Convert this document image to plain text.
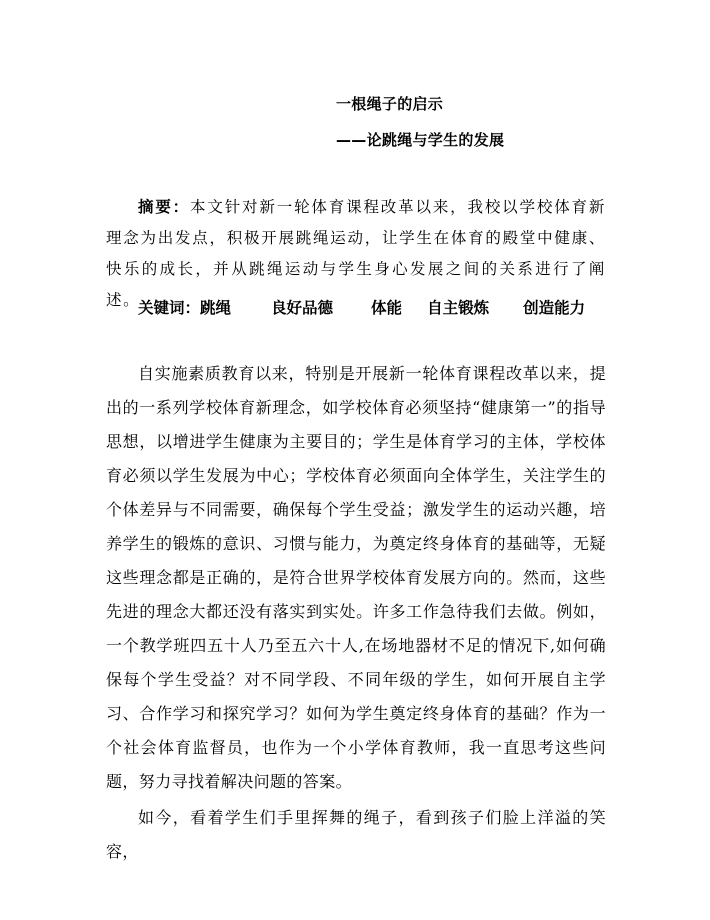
一根绳子的启示
——论跳绳与学生的发展
摘要：本文针对新一轮体育课程改革以来，我校以学校体育新理念为出发点，积极开展跳绳运动，让学生在体育的殿堂中健康、快乐的成长，并从跳绳运动与学生身心发展之间的关系进行了阐述。
关键词：跳绳	良好品德 体能 自主锻炼 创造能力

自实施素质教育以来，特别是开展新一轮体育课程改革以来，提出的一系列学校体育新理念，如学校体育必须坚持“健康第一”的指导思想，以增进学生健康为主要目的；学生是体育学习的主体，学校体育必须以学生发展为中心；学校体育必须面向全体学生，关注学生的个体差异与不同需要，确保每个学生受益；激发学生的运动兴趣，培养学生的锻炼的意识、习惯与能力，为奠定终身体育的基础等，无疑这些理念都是正确的，是符合世界学校体育发展方向的。然而，这些先进的理念大都还没有落实到实处。许多工作急待我们去做。例如，一个教学班四五十人乃至五六十人,在场地器材不足的情况下,如何确保每个学生受益？对不同学段、不同年级的学生，如何开展自主学习、合作学习和探究学习？如何为学生奠定终身体育的基础？作为一个社会体育监督员，也作为一个小学体育教师，我一直思考这些问题，努力寻找着解决问题的答案。

如今，看着学生们手里挥舞的绳子，看到孩子们脸上洋溢的笑容，
